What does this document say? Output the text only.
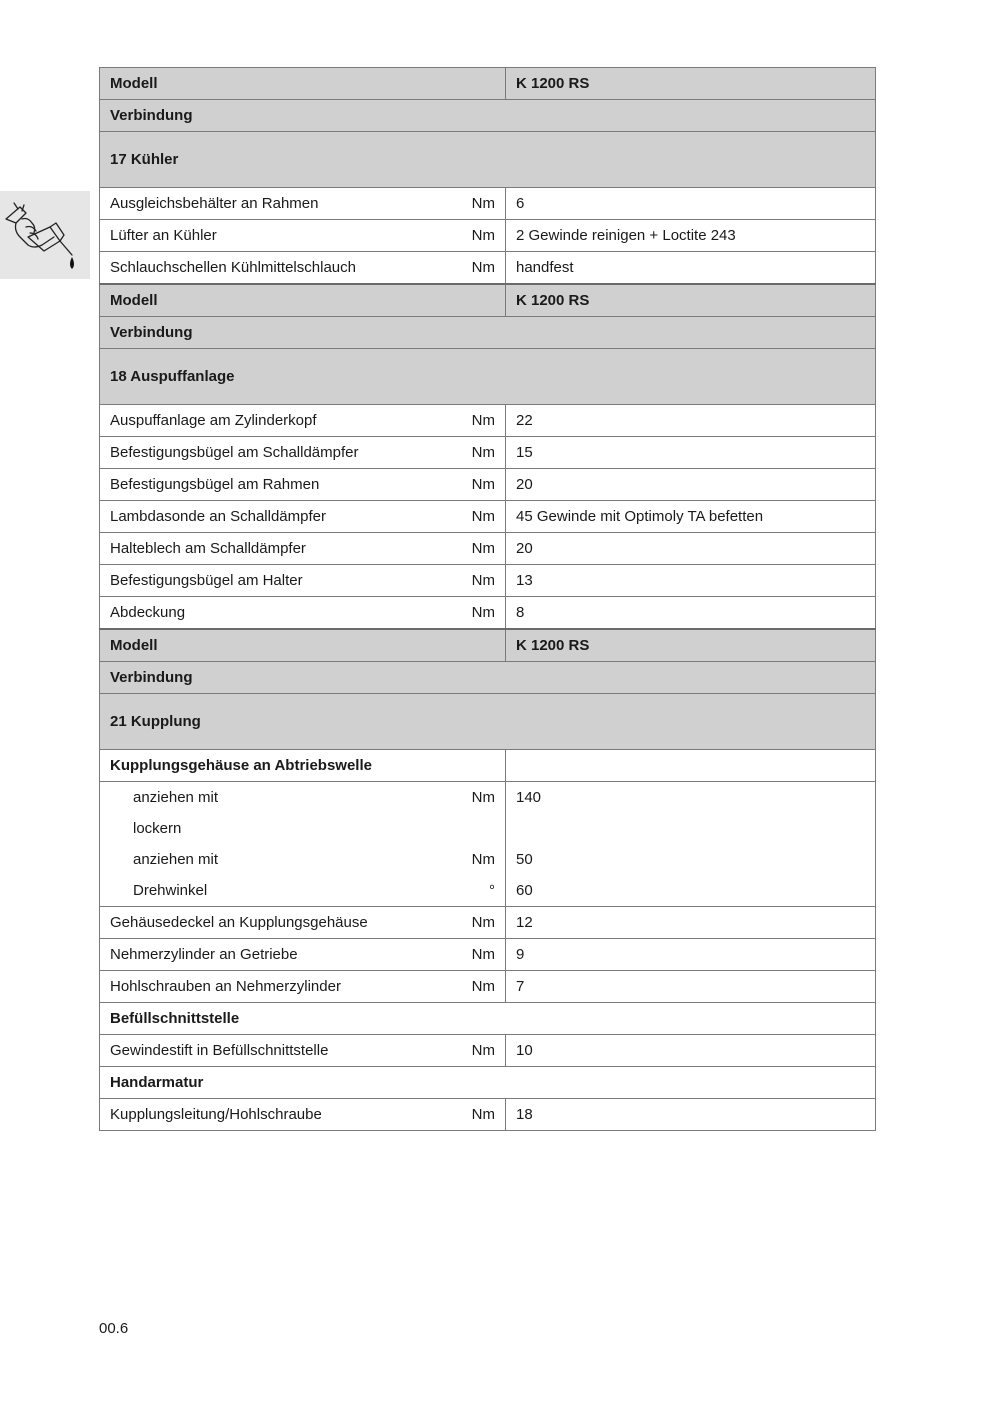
Modell		K 1200 RS
Verbindung		
17 Kühler		
Ausgleichsbehälter an Rahmen	Nm	6
Lüfter an Kühler	Nm	2 Gewinde reinigen + Loctite 243
Schlauchschellen Kühlmittelschlauch	Nm	handfest
Modell		K 1200 RS
Verbindung		
18 Auspuffanlage		
Auspuffanlage am Zylinderkopf	Nm	22
Befestigungsbügel am Schalldämpfer	Nm	15
Befestigungsbügel am Rahmen	Nm	20
Lambdasonde an Schalldämpfer	Nm	45 Gewinde mit Optimoly TA befetten
Halteblech am Schalldämpfer	Nm	20
Befestigungsbügel am Halter	Nm	13
Abdeckung	Nm	8
Modell		K 1200 RS
Verbindung		
21 Kupplung		
Kupplungsgehäuse an Abtriebswelle		
anziehen mit	Nm	140
lockern		
anziehen mit	Nm	50
Drehwinkel	°	60
Gehäusedeckel an Kupplungsgehäuse	Nm	12
Nehmerzylinder an Getriebe	Nm	9
Hohlschrauben an Nehmerzylinder	Nm	7
Befüllschnittstelle		
Gewindestift in Befüllschnittstelle	Nm	10
Handarmatur		
Kupplungsleitung/Hohlschraube	Nm	18
00.6
